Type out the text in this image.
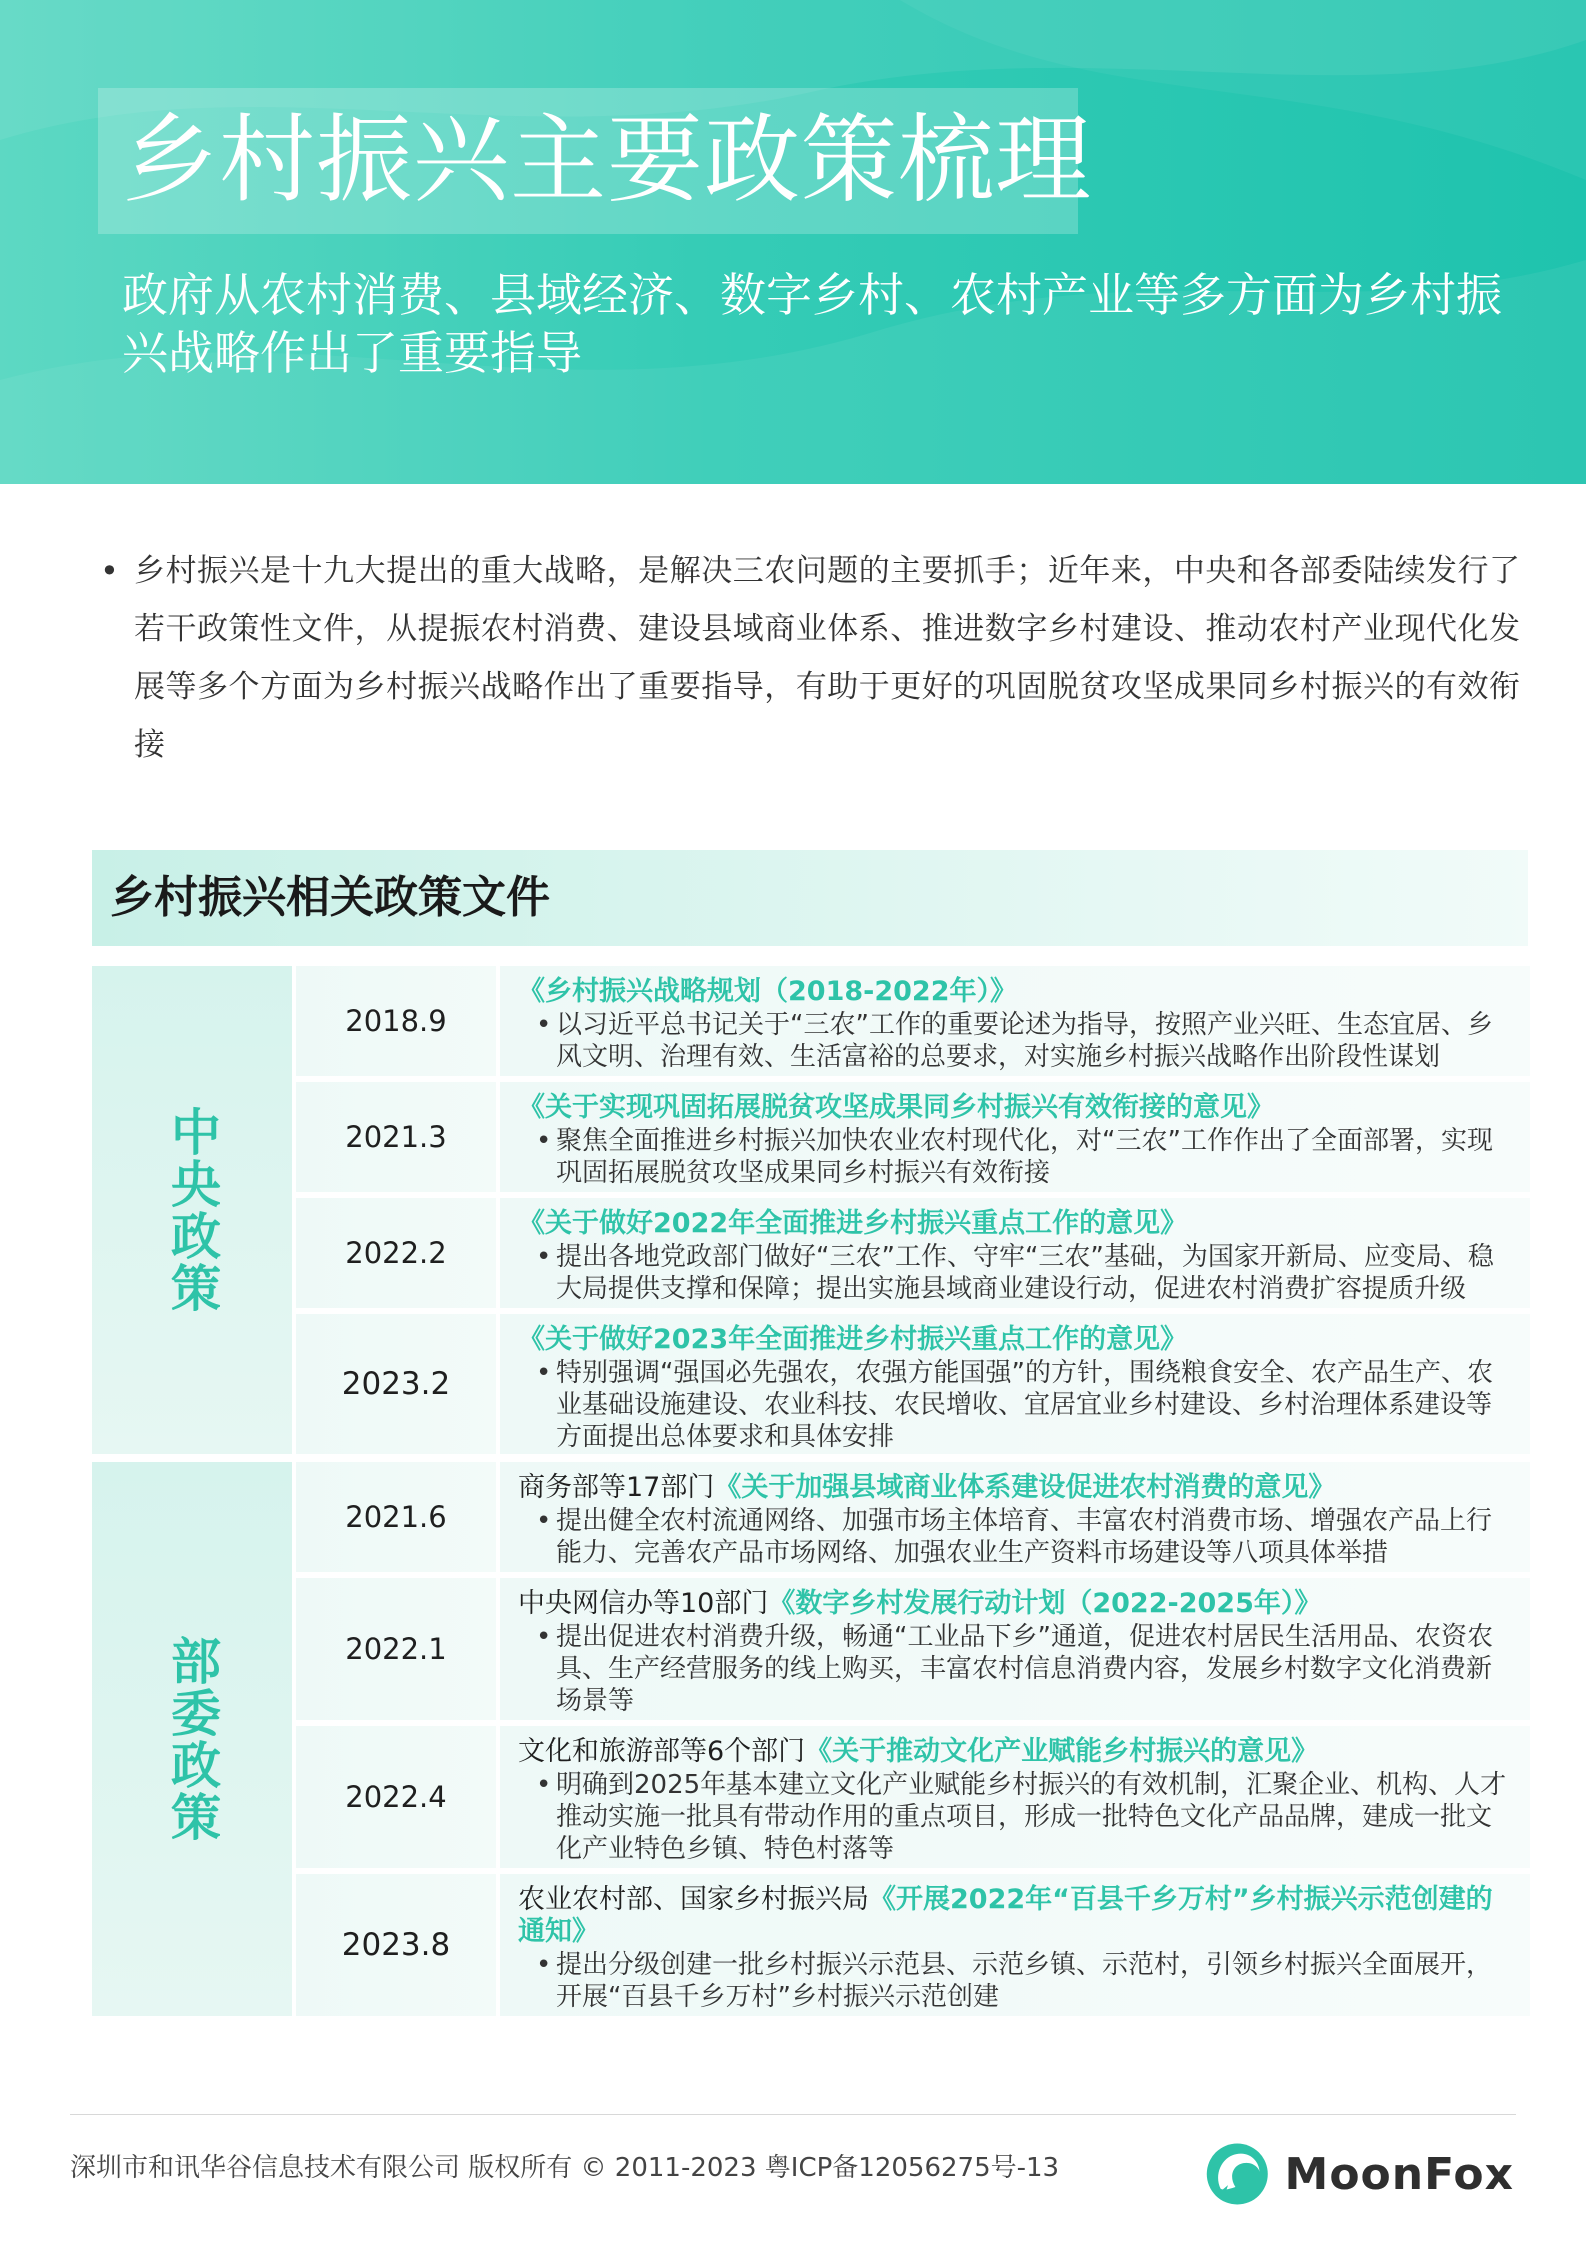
乡村振兴主要政策梳理
政府从农村消费、县域经济、数字乡村、农村产业等多方面为乡村振兴战略作出了重要指导
• 乡村振兴是十九大提出的重大战略，是解决三农问题的主要抓手；近年来，中央和各部委陆续发行了若干政策性文件，从提振农村消费、建设县域商业体系、推进数字乡村建设、推动农村产业现代化发展等多个方面为乡村振兴战略作出了重要指导，有助于更好的巩固脱贫攻坚成果同乡村振兴的有效衔接

乡村振兴相关政策文件
中央政策
2018.9
《乡村振兴战略规划（2018-2022年）》
• 以习近平总书记关于“三农”工作的重要论述为指导，按照产业兴旺、生态宜居、乡风文明、治理有效、生活富裕的总要求，对实施乡村振兴战略作出阶段性谋划
2021.3
《关于实现巩固拓展脱贫攻坚成果同乡村振兴有效衔接的意见》
• 聚焦全面推进乡村振兴加快农业农村现代化，对“三农”工作作出了全面部署，实现巩固拓展脱贫攻坚成果同乡村振兴有效衔接
2022.2
《关于做好2022年全面推进乡村振兴重点工作的意见》
• 提出各地党政部门做好“三农”工作、守牢“三农”基础，为国家开新局、应变局、稳大局提供支撑和保障；提出实施县域商业建设行动，促进农村消费扩容提质升级
2023.2
《关于做好2023年全面推进乡村振兴重点工作的意见》
• 特别强调“强国必先强农，农强方能国强”的方针，围绕粮食安全、农产品生产、农业基础设施建设、农业科技、农民增收、宜居宜业乡村建设、乡村治理体系建设等方面提出总体要求和具体安排
部委政策
2021.6
商务部等17部门《关于加强县域商业体系建设促进农村消费的意见》
• 提出健全农村流通网络、加强市场主体培育、丰富农村消费市场、增强农产品上行能力、完善农产品市场网络、加强农业生产资料市场建设等八项具体举措
2022.1
中央网信办等10部门《数字乡村发展行动计划（2022-2025年）》
• 提出促进农村消费升级，畅通“工业品下乡”通道，促进农村居民生活用品、农资农具、生产经营服务的线上购买，丰富农村信息消费内容，发展乡村数字文化消费新场景等
2022.4
文化和旅游部等6个部门《关于推动文化产业赋能乡村振兴的意见》
• 明确到2025年基本建立文化产业赋能乡村振兴的有效机制，汇聚企业、机构、人才推动实施一批具有带动作用的重点项目，形成一批特色文化产品品牌，建成一批文化产业特色乡镇、特色村落等
2023.8
农业农村部、国家乡村振兴局《开展2022年“百县千乡万村”乡村振兴示范创建的通知》
• 提出分级创建一批乡村振兴示范县、示范乡镇、示范村，引领乡村振兴全面展开，开展“百县千乡万村”乡村振兴示范创建
深圳市和讯华谷信息技术有限公司 版权所有 © 2011-2023 粤ICP备12056275号-13	MoonFox
